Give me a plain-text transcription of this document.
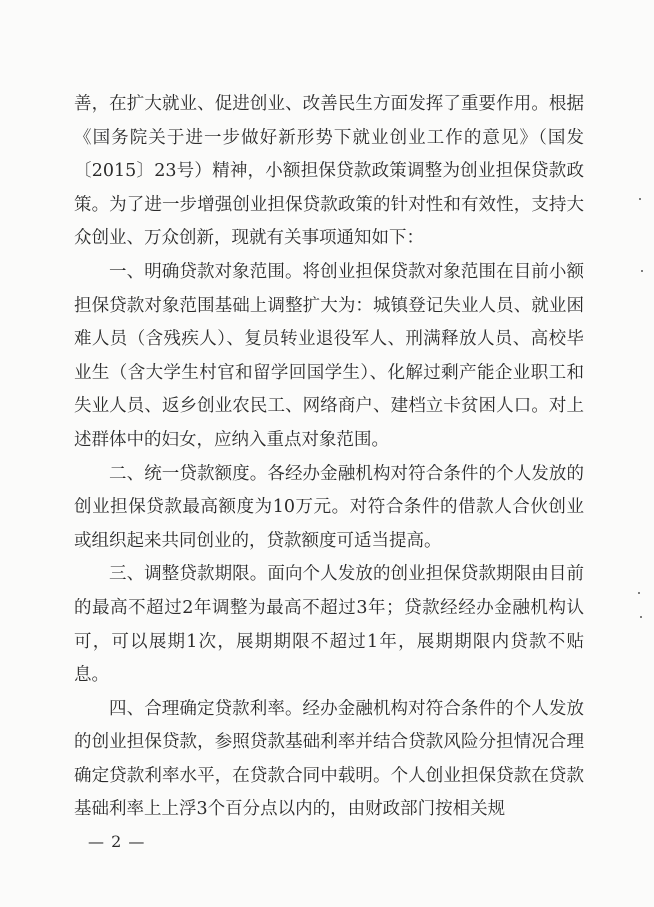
善，在扩大就业、促进创业、改善民生方面发挥了重要作用。根据《国务院关于进一步做好新形势下就业创业工作的意见》（国发〔2015〕23号）精神，小额担保贷款政策调整为创业担保贷款政策。为了进一步增强创业担保贷款政策的针对性和有效性，支持大众创业、万众创新，现就有关事项通知如下：

一、明确贷款对象范围。将创业担保贷款对象范围在目前小额担保贷款对象范围基础上调整扩大为：城镇登记失业人员、就业困难人员（含残疾人）、复员转业退役军人、刑满释放人员、高校毕业生（含大学生村官和留学回国学生）、化解过剩产能企业职工和失业人员、返乡创业农民工、网络商户、建档立卡贫困人口。对上述群体中的妇女，应纳入重点对象范围。

二、统一贷款额度。各经办金融机构对符合条件的个人发放的创业担保贷款最高额度为10万元。对符合条件的借款人合伙创业或组织起来共同创业的，贷款额度可适当提高。

三、调整贷款期限。面向个人发放的创业担保贷款期限由目前的最高不超过2年调整为最高不超过3年；贷款经经办金融机构认可，可以展期1次，展期期限不超过1年，展期期限内贷款不贴息。

四、合理确定贷款利率。经办金融机构对符合条件的个人发放的创业担保贷款，参照贷款基础利率并结合贷款风险分担情况合理确定贷款利率水平，在贷款合同中载明。个人创业担保贷款在贷款基础利率上上浮3个百分点以内的，由财政部门按相关规

— 2 —
